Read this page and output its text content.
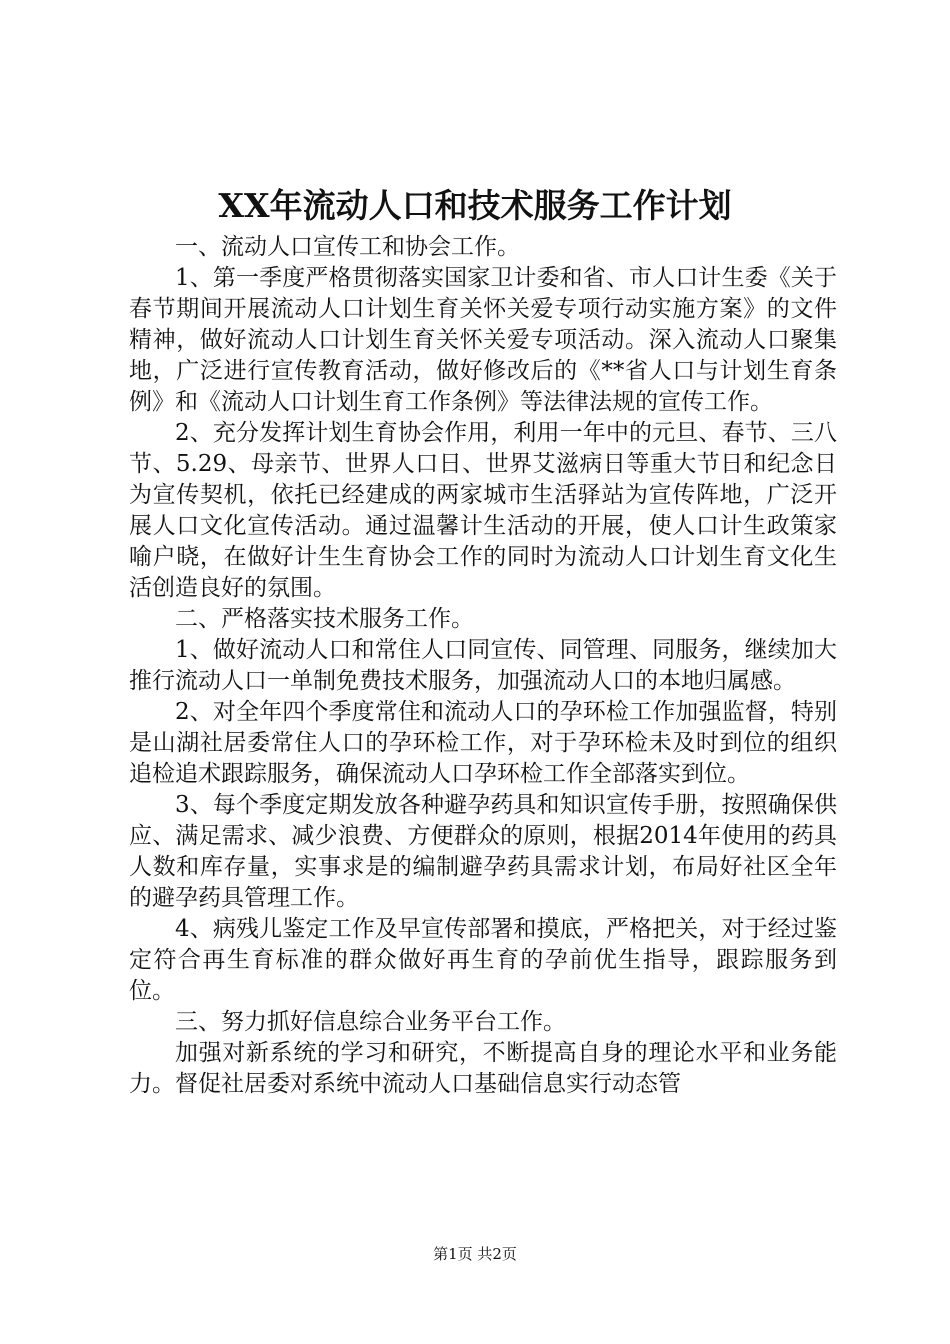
XX年流动人口和技术服务工作计划

一、流动人口宣传工和协会工作。

1、第一季度严格贯彻落实国家卫计委和省、市人口计生委《关于春节期间开展流动人口计划生育关怀关爱专项行动实施方案》的文件精神，做好流动人口计划生育关怀关爱专项活动。深入流动人口聚集地，广泛进行宣传教育活动，做好修改后的《**省人口与计划生育条例》和《流动人口计划生育工作条例》等法律法规的宣传工作。

2、充分发挥计划生育协会作用，利用一年中的元旦、春节、三八节、5.29、母亲节、世界人口日、世界艾滋病日等重大节日和纪念日为宣传契机，依托已经建成的两家城市生活驿站为宣传阵地，广泛开展人口文化宣传活动。通过温馨计生活动的开展，使人口计生政策家喻户晓，在做好计生生育协会工作的同时为流动人口计划生育文化生活创造良好的氛围。

二、严格落实技术服务工作。

1、做好流动人口和常住人口同宣传、同管理、同服务，继续加大推行流动人口一单制免费技术服务，加强流动人口的本地归属感。

2、对全年四个季度常住和流动人口的孕环检工作加强监督，特别是山湖社居委常住人口的孕环检工作，对于孕环检未及时到位的组织追检追术跟踪服务，确保流动人口孕环检工作全部落实到位。

3、每个季度定期发放各种避孕药具和知识宣传手册，按照确保供应、满足需求、减少浪费、方便群众的原则，根据2014年使用的药具人数和库存量，实事求是的编制避孕药具需求计划，布局好社区全年的避孕药具管理工作。

4、病残儿鉴定工作及早宣传部署和摸底，严格把关，对于经过鉴定符合再生育标准的群众做好再生育的孕前优生指导，跟踪服务到位。

三、努力抓好信息综合业务平台工作。

加强对新系统的学习和研究，不断提高自身的理论水平和业务能力。督促社居委对系统中流动人口基础信息实行动态管

第1页 共2页
